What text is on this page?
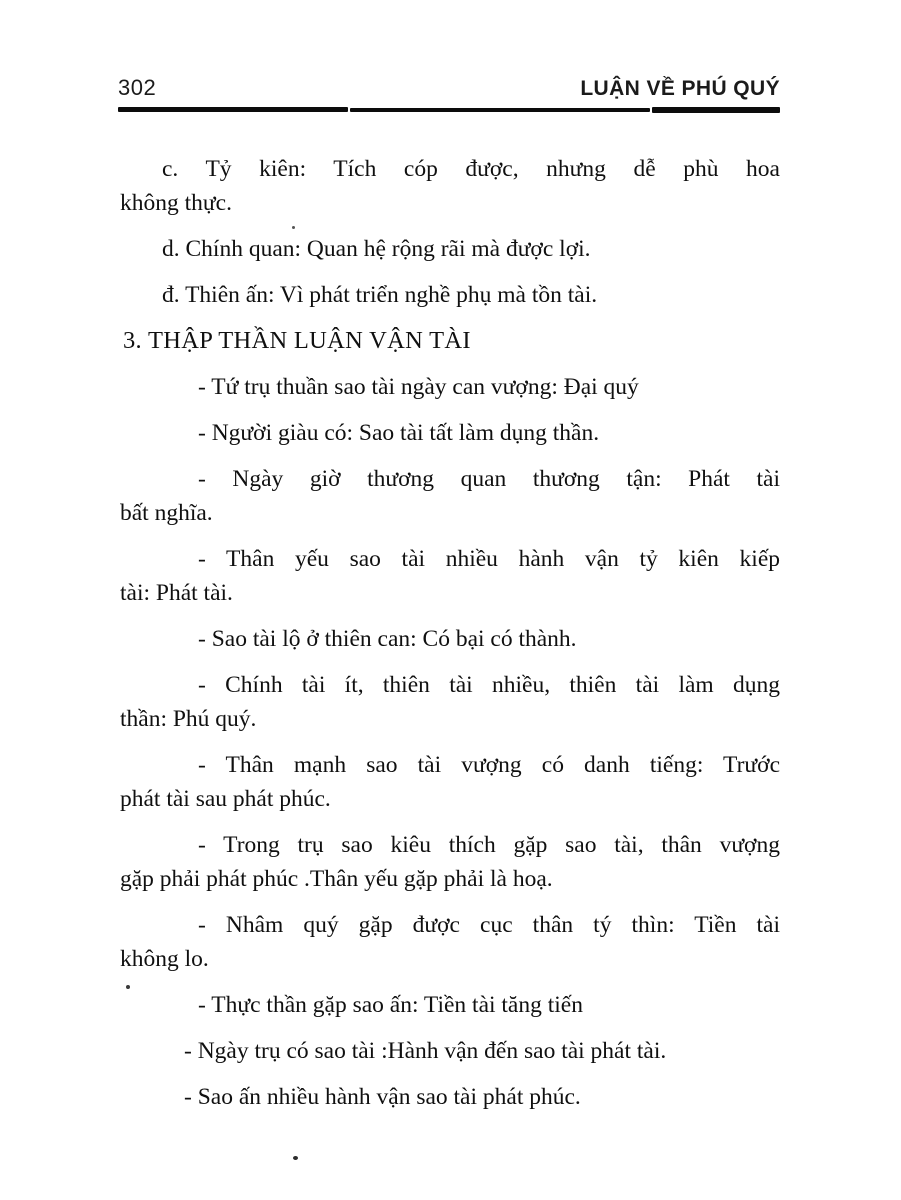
302	LUẬN VỀ PHÚ QUÝ

c. Tỷ kiên: Tích cóp được, nhưng dễ phù hoa
không thực.

d. Chính quan: Quan hệ rộng rãi mà được lợi.

đ. Thiên ấn: Vì phát triển nghề phụ mà tồn tài.

3. THẬP THẦN LUẬN VẬN TÀI

- Tứ trụ thuần sao tài ngày can vượng: Đại quý

- Người giàu có: Sao tài tất làm dụng thần.

- Ngày giờ thương quan thương tận: Phát tài
bất nghĩa.

- Thân yếu sao tài nhiều hành vận tỷ kiên kiếp
tài: Phát tài.

- Sao tài lộ ở thiên can: Có bại có thành.

- Chính tài ít, thiên tài nhiều, thiên tài làm dụng
thần: Phú quý.

- Thân mạnh sao tài vượng có danh tiếng: Trước
phát tài sau phát phúc.

- Trong trụ sao kiêu thích gặp sao tài, thân vượng
gặp phải phát phúc .Thân yếu gặp phải là hoạ.

- Nhâm quý gặp được cục thân tý thìn: Tiền tài
không lo.

- Thực thần gặp sao ấn: Tiền tài tăng tiến

- Ngày trụ có sao tài :Hành vận đến sao tài phát tài.

- Sao ấn nhiều hành vận sao tài phát phúc.
